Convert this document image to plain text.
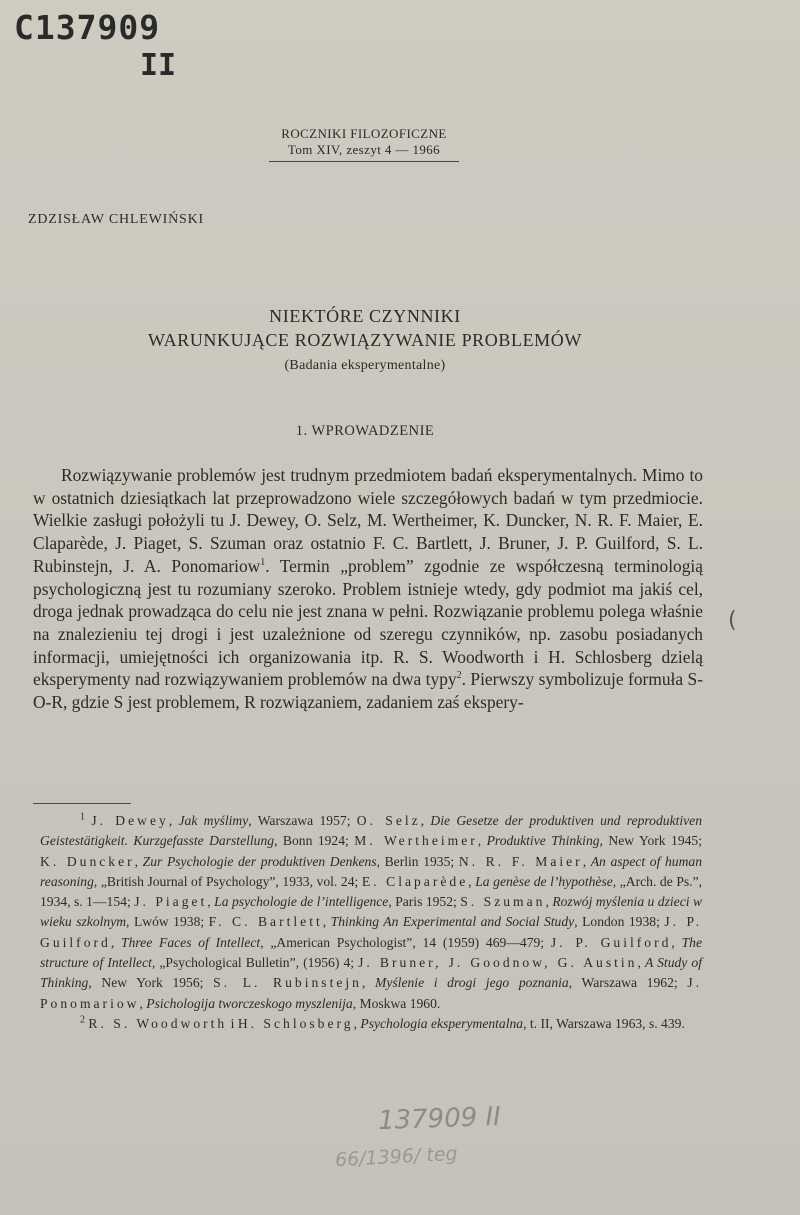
C137909
II
ROCZNIKI FILOZOFICZNE
Tom XIV, zeszyt 4 — 1966
ZDZISŁAW CHLEWIŃSKI
NIEKTÓRE CZYNNIKI
WARUNKUJĄCE ROZWIĄZYWANIE PROBLEMÓW
(Badania eksperymentalne)
1. WPROWADZENIE

Rozwiązywanie problemów jest trudnym przedmiotem badań eksperymentalnych. Mimo to w ostatnich dziesiątkach lat przeprowadzono wiele szczegółowych badań w tym przedmiocie. Wielkie zasługi położyli tu J. Dewey, O. Selz, M. Wertheimer, K. Duncker, N. R. F. Maier, E. Claparède, J. Piaget, S. Szuman oraz ostatnio F. C. Bartlett, J. Bruner, J. P. Guilford, S. L. Rubinstejn, J. A. Ponomariow$^1$. Termin „problem” zgodnie ze współczesną terminologią psychologiczną jest tu rozumiany szeroko. Problem istnieje wtedy, gdy podmiot ma jakiś cel, droga jednak prowadząca do celu nie jest znana w pełni. Rozwiązanie problemu polega właśnie na znalezieniu tej drogi i jest uzależnione od szeregu czynników, np. zasobu posiadanych informacji, umiejętności ich organizowania itp. R. S. Woodworth i H. Schlosberg dzielą eksperymenty nad rozwiązywaniem problemów na dwa typy$^2$. Pierwszy symbolizuje formuła S-O-R, gdzie S jest problemem, R rozwiązaniem, zadaniem zaś ekspery-

$^1$ J. Dewey, Jak myślimy, Warszawa 1957; O. Selz, Die Gesetze der produktiven und reproduktiven Geistestätigkeit. Kurzgefasste Darstellung, Bonn 1924; M. Wertheimer, Produktive Thinking, New York 1945; K. Duncker, Zur Psychologie der produktiven Denkens, Berlin 1935; N. R. F. Maier, An aspect of human reasoning, „British Journal of Psychology”, 1933, vol. 24; E. Claparède, La genèse de l’hypothèse, „Arch. de Ps.”, 1934, s. 1—154; J. Piaget, La psychologie de l’intelligence, Paris 1952; S. Szuman, Rozwój myślenia u dzieci w wieku szkolnym, Lwów 1938; F. C. Bartlett, Thinking An Experimental and Social Study, London 1938; J. P. Guilford, Three Faces of Intellect, „American Psychologist”, 14 (1959) 469—479; J. P. Guilford, The structure of Intellect, „Psychological Bulletin”, (1956) 4; J. Bruner, J. Goodnow, G. Austin, A Study of Thinking, New York 1956; S. L. Rubinstejn, Myślenie i drogi jego poznania, Warszawa 1962; J. Ponomariow, Psichologija tworczeskogo myszlenija, Moskwa 1960.

$^2$ R. S. Woodworth i H. Schlosberg, Psychologia eksperymentalna, t. II, Warszawa 1963, s. 439.

(
137909 II
66/1396/ teg
